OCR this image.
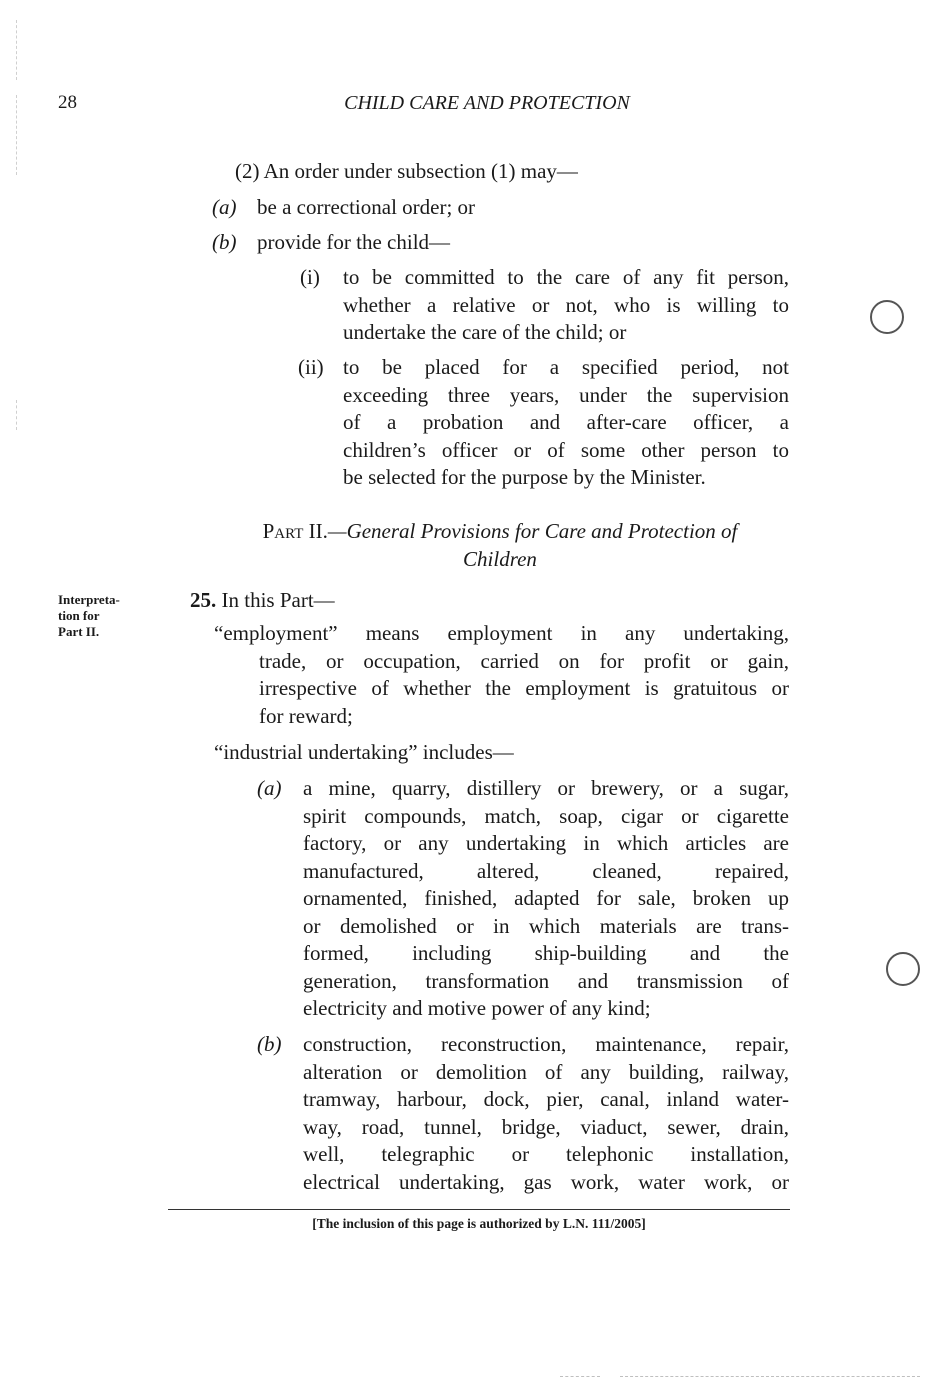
28	CHILD CARE AND PROTECTION
(2) An order under subsection (1) may—
(a) be a correctional order; or
(b) provide for the child—
(i) to be committed to the care of any fit person,
whether a relative or not, who is willing to
undertake the care of the child; or
(ii) to be placed for a specified period, not
exceeding three years, under the supervision
of a probation and after-care officer, a
children’s officer or of some other person to
be selected for the purpose by the Minister.
Part II.—General Provisions for Care and Protection of
Children
Interpreta-
tion for
Part II.
25. In this Part—
“employment” means employment in any undertaking,
trade, or occupation, carried on for profit or gain,
irrespective of whether the employment is gratuitous or
for reward;
“industrial undertaking” includes—
(a) a mine, quarry, distillery or brewery, or a sugar,
spirit compounds, match, soap, cigar or cigarette
factory, or any undertaking in which articles are
manufactured, altered, cleaned, repaired,
ornamented, finished, adapted for sale, broken up
or demolished or in which materials are trans-
formed, including ship-building and the
generation, transformation and transmission of
electricity and motive power of any kind;
(b) construction, reconstruction, maintenance, repair,
alteration or demolition of any building, railway,
tramway, harbour, dock, pier, canal, inland water-
way, road, tunnel, bridge, viaduct, sewer, drain,
well, telegraphic or telephonic installation,
electrical undertaking, gas work, water work, or
[The inclusion of this page is authorized by L.N. 111/2005]
